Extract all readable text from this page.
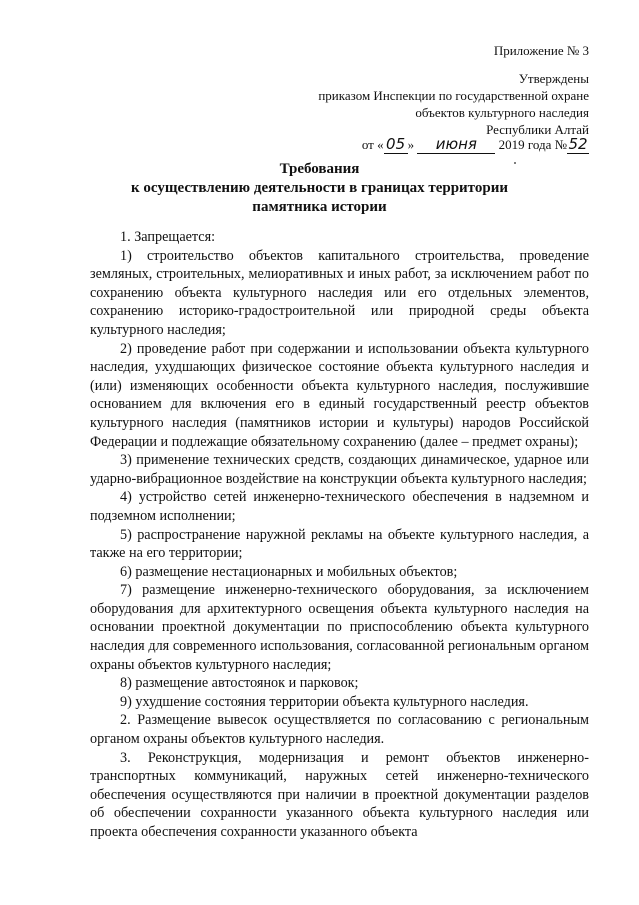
Приложение № 3
Утверждены
приказом Инспекции по государственной охране
объектов культурного наследия
Республики Алтай
от « 05 » июня 2019 года №52
Требования
к осуществлению деятельности в границах территории
памятника истории

1. Запрещается:

1) строительство объектов капитального строительства, проведение земляных, строительных, мелиоративных и иных работ, за исключением работ по сохранению объекта культурного наследия или его отдельных элементов, сохранению историко-градостроительной или природной среды объекта культурного наследия;

2) проведение работ при содержании и использовании объекта культурного наследия, ухудшающих физическое состояние объекта культурного наследия и (или) изменяющих особенности объекта культурного наследия, послужившие основанием для включения его в единый государственный реестр объектов культурного наследия (памятников истории и культуры) народов Российской Федерации и подлежащие обязательному сохранению (далее – предмет охраны);

3) применение технических средств, создающих динамическое, ударное или ударно-вибрационное воздействие на конструкции объекта культурного наследия;

4) устройство сетей инженерно-технического обеспечения в надземном и подземном исполнении;

5) распространение наружной рекламы на объекте культурного наследия, а также на его территории;

6) размещение нестационарных и мобильных объектов;

7) размещение инженерно-технического оборудования, за исключением оборудования для архитектурного освещения объекта культурного наследия на основании проектной документации по приспособлению объекта культурного наследия для современного использования, согласованной региональным органом охраны объектов культурного наследия;

8) размещение автостоянок и парковок;

9) ухудшение состояния территории объекта культурного наследия.

2. Размещение вывесок осуществляется по согласованию с региональным органом охраны объектов культурного наследия.

3. Реконструкция, модернизация и ремонт объектов инженерно-транспортных коммуникаций, наружных сетей инженерно-технического обеспечения осуществляются при наличии в проектной документации разделов об обеспечении сохранности указанного объекта культурного наследия или проекта обеспечения сохранности указанного объекта
